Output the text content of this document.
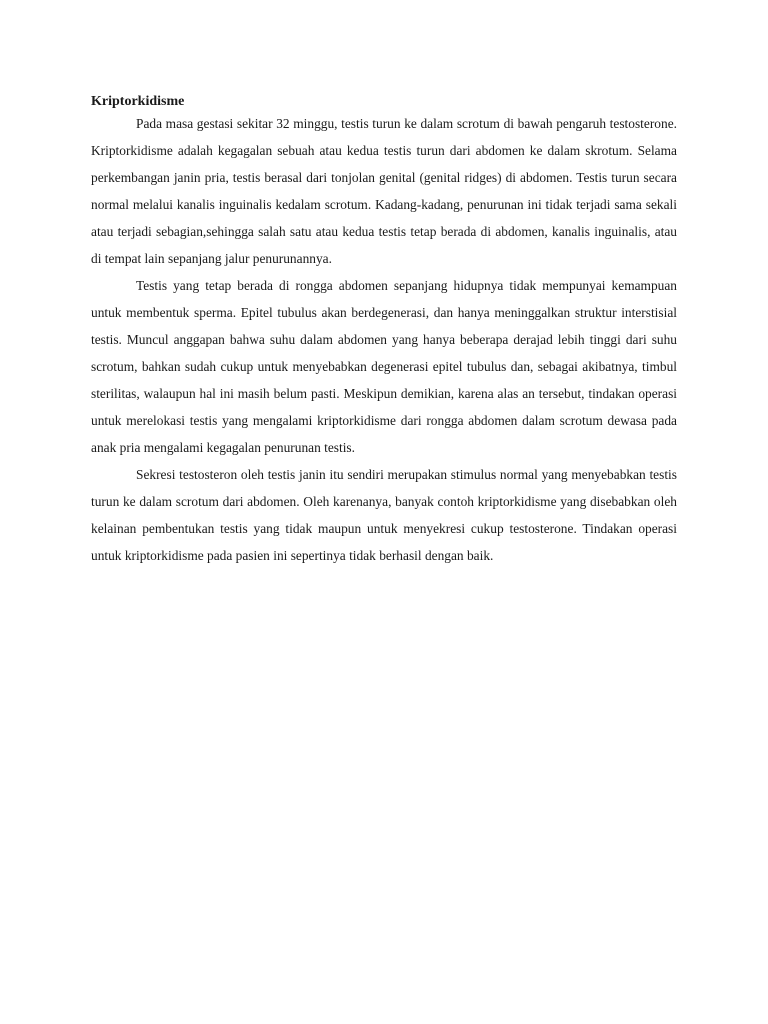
Kriptorkidisme

Pada masa gestasi sekitar 32 minggu, testis turun ke dalam scrotum di bawah pengaruh testosterone. Kriptorkidisme adalah kegagalan sebuah atau kedua testis turun dari abdomen ke dalam skrotum. Selama perkembangan janin pria, testis berasal dari tonjolan genital (genital ridges) di abdomen. Testis turun secara normal melalui kanalis inguinalis kedalam scrotum. Kadang-kadang, penurunan ini tidak terjadi sama sekali atau terjadi sebagian,sehingga salah satu atau kedua testis tetap berada di abdomen, kanalis inguinalis, atau di tempat lain sepanjang jalur penurunannya.

Testis yang tetap berada di rongga abdomen sepanjang hidupnya tidak mempunyai kemampuan untuk membentuk sperma. Epitel tubulus akan berdegenerasi, dan hanya meninggalkan struktur interstisial testis. Muncul anggapan bahwa suhu dalam abdomen yang hanya beberapa derajad lebih tinggi dari suhu scrotum, bahkan sudah cukup untuk menyebabkan degenerasi epitel tubulus dan, sebagai akibatnya, timbul sterilitas, walaupun hal ini masih belum pasti. Meskipun demikian, karena alas an tersebut, tindakan operasi untuk merelokasi testis yang mengalami kriptorkidisme dari rongga abdomen dalam scrotum dewasa pada anak pria mengalami kegagalan penurunan testis.

Sekresi testosteron oleh testis janin itu sendiri merupakan stimulus normal yang menyebabkan testis turun ke dalam scrotum dari abdomen. Oleh karenanya, banyak contoh kriptorkidisme yang disebabkan oleh kelainan pembentukan testis yang tidak maupun untuk menyekresi cukup testosterone. Tindakan operasi untuk kriptorkidisme pada pasien ini sepertinya tidak berhasil dengan baik.
